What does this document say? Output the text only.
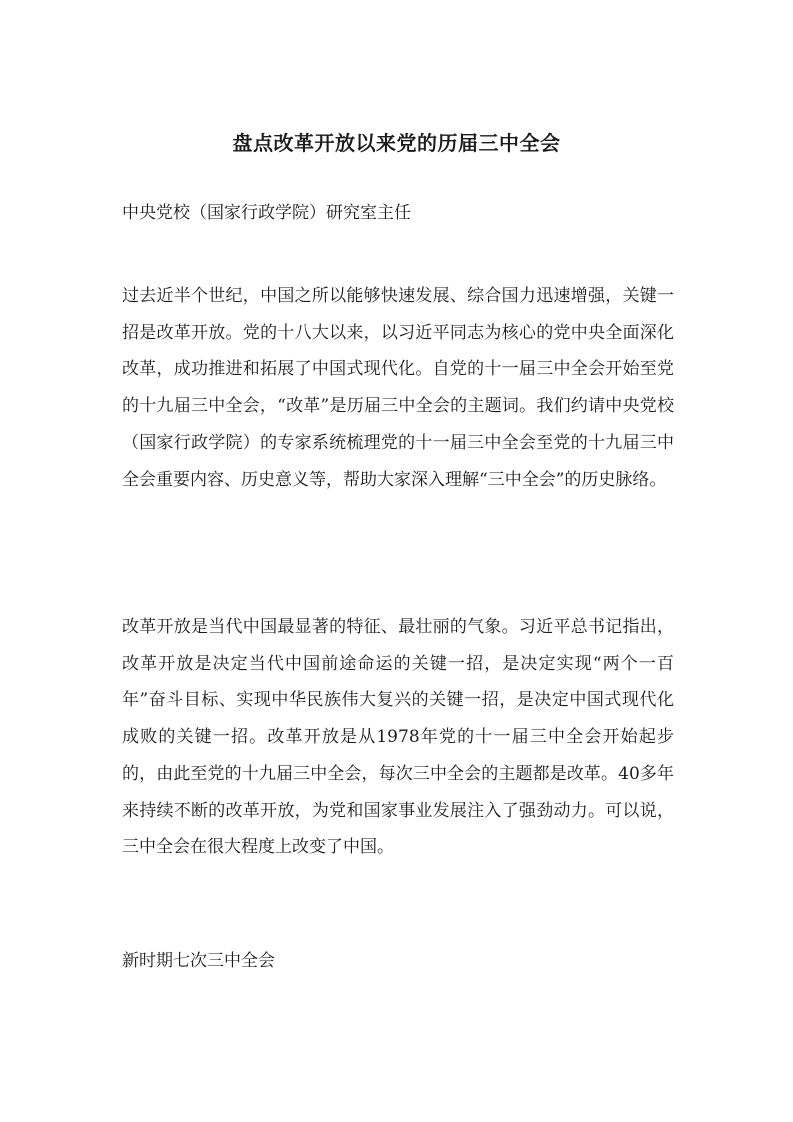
盘点改革开放以来党的历届三中全会

中央党校（国家行政学院）研究室主任

过去近半个世纪，中国之所以能够快速发展、综合国力迅速增强，关键一招是改革开放。党的十八大以来，以习近平同志为核心的党中央全面深化改革，成功推进和拓展了中国式现代化。自党的十一届三中全会开始至党的十九届三中全会，“改革”是历届三中全会的主题词。我们约请中央党校（国家行政学院）的专家系统梳理党的十一届三中全会至党的十九届三中全会重要内容、历史意义等，帮助大家深入理解“三中全会”的历史脉络。

改革开放是当代中国最显著的特征、最壮丽的气象。习近平总书记指出，改革开放是决定当代中国前途命运的关键一招，是决定实现“两个一百年”奋斗目标、实现中华民族伟大复兴的关键一招，是决定中国式现代化成败的关键一招。改革开放是从1978年党的十一届三中全会开始起步的，由此至党的十九届三中全会，每次三中全会的主题都是改革。40多年来持续不断的改革开放，为党和国家事业发展注入了强劲动力。可以说，三中全会在很大程度上改变了中国。

新时期七次三中全会
